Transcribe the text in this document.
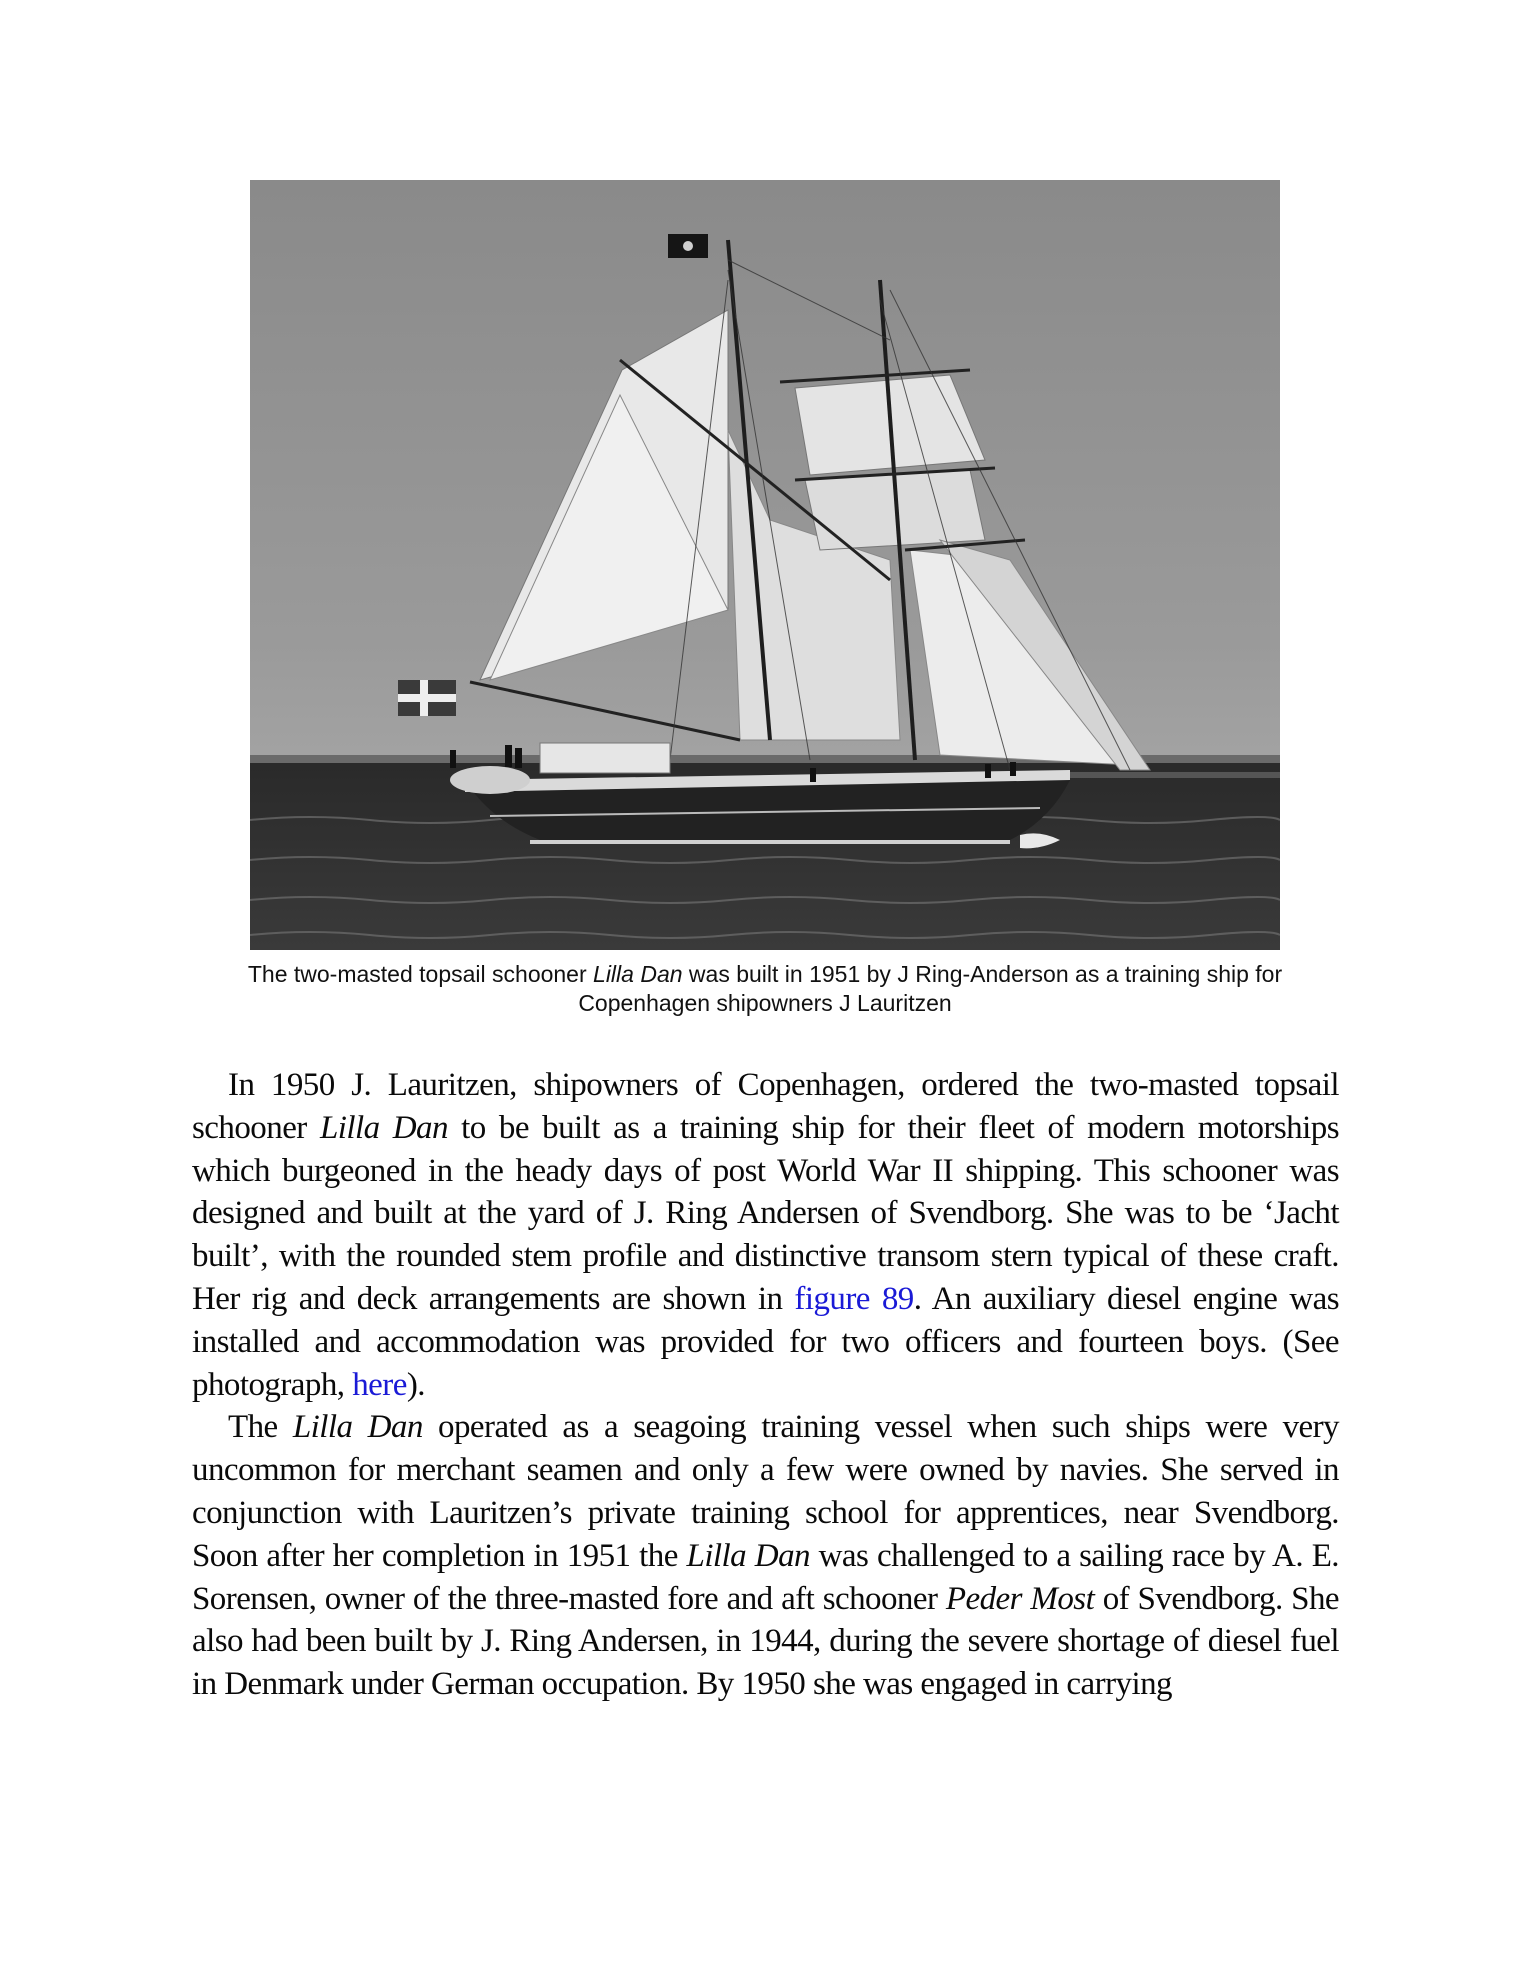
The two-masted topsail schooner Lilla Dan was built in 1951 by J Ring-Anderson as a training ship for Copenhagen shipowners J Lauritzen

In 1950 J. Lauritzen, shipowners of Copenhagen, ordered the two-masted topsail schooner Lilla Dan to be built as a training ship for their fleet of modern motorships which burgeoned in the heady days of post World War II shipping. This schooner was designed and built at the yard of J. Ring Andersen of Svendborg. She was to be ‘Jacht built’, with the rounded stem profile and distinctive transom stern typical of these craft. Her rig and deck arrangements are shown in figure 89. An auxiliary diesel engine was installed and accommodation was provided for two officers and fourteen boys. (See photograph, here).

The Lilla Dan operated as a seagoing training vessel when such ships were very uncommon for merchant seamen and only a few were owned by navies. She served in conjunction with Lauritzen’s private training school for apprentices, near Svendborg. Soon after her completion in 1951 the Lilla Dan was challenged to a sailing race by A. E. Sorensen, owner of the three-masted fore and aft schooner Peder Most of Svendborg. She also had been built by J. Ring Andersen, in 1944, during the severe shortage of diesel fuel in Denmark under German occupation. By 1950 she was engaged in carrying
